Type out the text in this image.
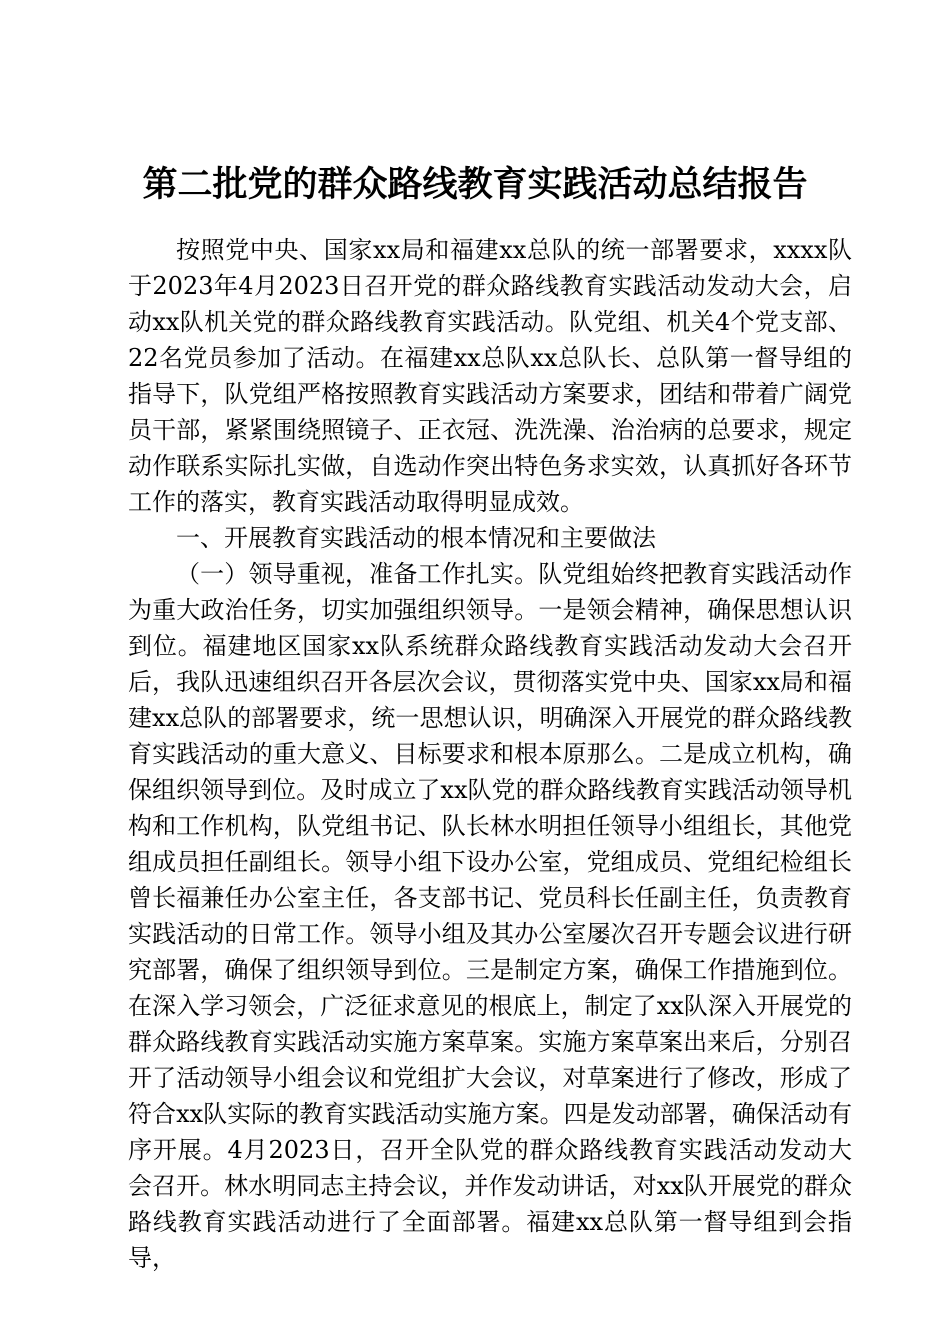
第二批党的群众路线教育实践活动总结报告

按照党中央、国家xx局和福建xx总队的统一部署要求，xxxx队于2023年4月2023日召开党的群众路线教育实践活动发动大会，启动xx队机关党的群众路线教育实践活动。队党组、机关4个党支部、22名党员参加了活动。在福建xx总队xx总队长、总队第一督导组的指导下，队党组严格按照教育实践活动方案要求，团结和带着广阔党员干部，紧紧围绕照镜子、正衣冠、洗洗澡、治治病的总要求，规定动作联系实际扎实做，自选动作突出特色务求实效，认真抓好各环节工作的落实，教育实践活动取得明显成效。

一、开展教育实践活动的根本情况和主要做法

（一）领导重视，准备工作扎实。队党组始终把教育实践活动作为重大政治任务，切实加强组织领导。一是领会精神，确保思想认识到位。福建地区国家xx队系统群众路线教育实践活动发动大会召开后，我队迅速组织召开各层次会议，贯彻落实党中央、国家xx局和福建xx总队的部署要求，统一思想认识，明确深入开展党的群众路线教育实践活动的重大意义、目标要求和根本原那么。二是成立机构，确保组织领导到位。及时成立了xx队党的群众路线教育实践活动领导机构和工作机构，队党组书记、队长林水明担任领导小组组长，其他党组成员担任副组长。领导小组下设办公室，党组成员、党组纪检组长曾长福兼任办公室主任，各支部书记、党员科长任副主任，负责教育实践活动的日常工作。领导小组及其办公室屡次召开专题会议进行研究部署，确保了组织领导到位。三是制定方案，确保工作措施到位。在深入学习领会，广泛征求意见的根底上，制定了xx队深入开展党的群众路线教育实践活动实施方案草案。实施方案草案出来后，分别召开了活动领导小组会议和党组扩大会议，对草案进行了修改，形成了符合xx队实际的教育实践活动实施方案。四是发动部署，确保活动有序开展。4月2023日，召开全队党的群众路线教育实践活动发动大会召开。林水明同志主持会议，并作发动讲话，对xx队开展党的群众路线教育实践活动进行了全面部署。福建xx总队第一督导组到会指导，
